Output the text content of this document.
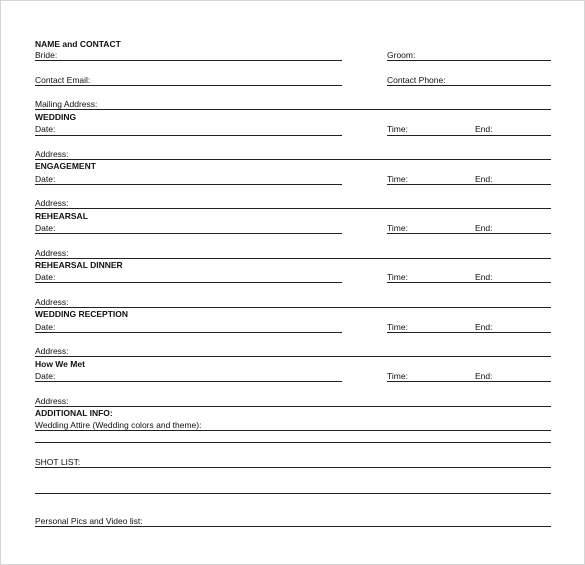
NAME and CONTACT
Bride:	Groom:
Contact Email:	Contact Phone:
Mailing Address:
WEDDING
Date:	Time:	End:
Address:
ENGAGEMENT
Date:	Time:	End:
Address:
REHEARSAL
Date:	Time:	End:
Address:
REHEARSAL DINNER
Date:	Time:	End:
Address:
WEDDING RECEPTION
Date:	Time:	End:
Address:
How We Met
Date:	Time:	End:
Address:
ADDITIONAL INFO:
Wedding Attire (Wedding colors and theme):
SHOT LIST:
Personal Pics and Video list:
